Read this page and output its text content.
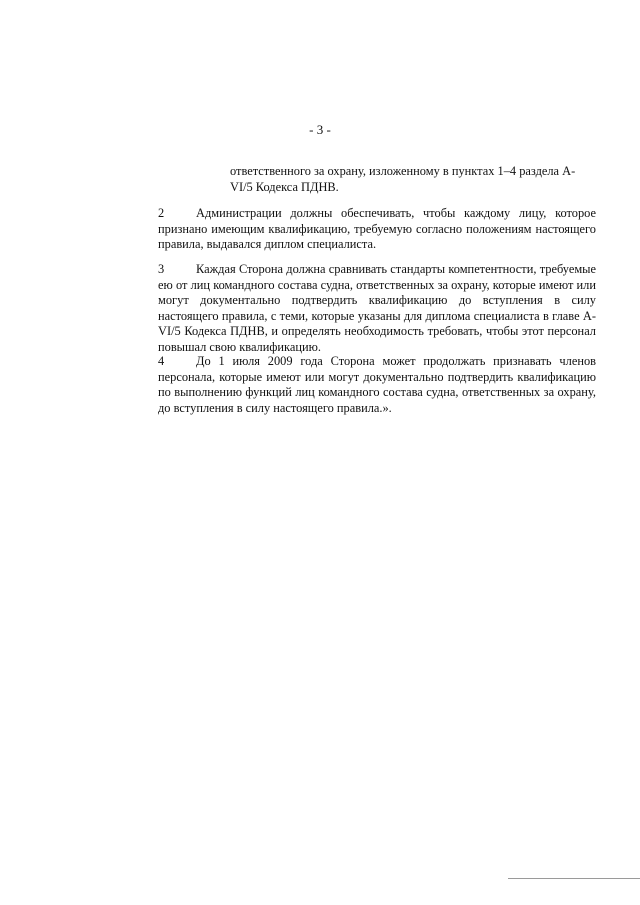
- 3 -
ответственного за охрану, изложенному в пунктах 1–4 раздела A-VI/5 Кодекса ПДНВ.
2	Администрации должны обеспечивать, чтобы каждому лицу, которое признано имеющим квалификацию, требуемую согласно положениям настоящего правила, выдавался диплом специалиста.
3	Каждая Сторона должна сравнивать стандарты компетентности, требуемые ею от лиц командного состава судна, ответственных за охрану, которые имеют или могут документально подтвердить квалификацию до вступления в силу настоящего правила, с теми, которые указаны для диплома специалиста в главе A-VI/5 Кодекса ПДНВ, и определять необходимость требовать, чтобы этот персонал повышал свою квалификацию.
4	До 1 июля 2009 года Сторона может продолжать признавать членов персонала, которые имеют или могут документально подтвердить квалификацию по выполнению функций лиц командного состава судна, ответственных за охрану, до вступления в силу настоящего правила.».
